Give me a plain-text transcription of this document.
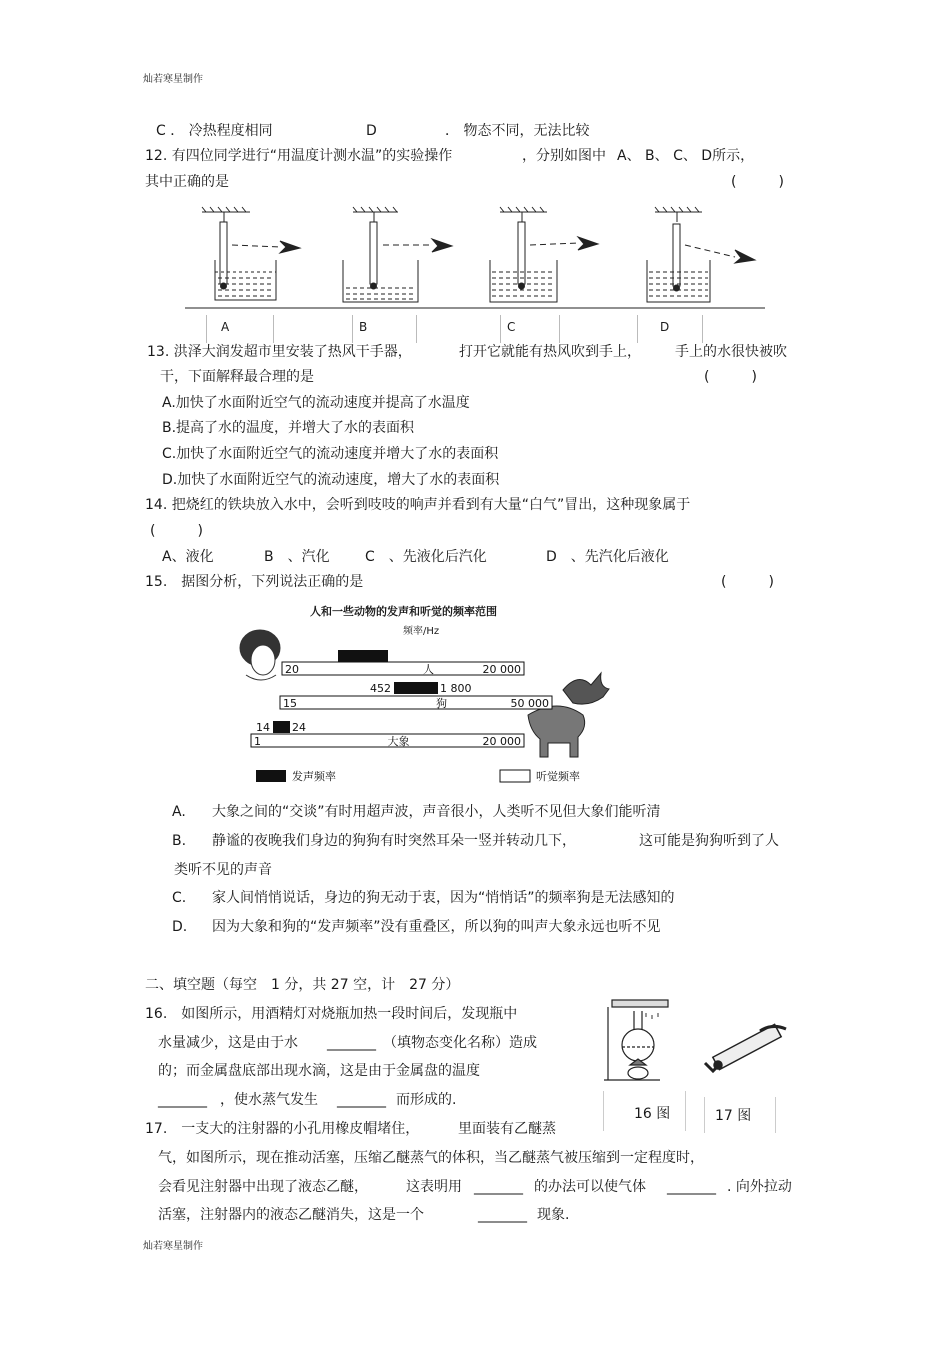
灿若寒星制作
灿若寒星制作
C ． 冷热程度相同	D	． 物态不同，无法比较
12. 有四位同学进行“用温度计测水温”的实验操作	，分别如图中 A、 B、 C、 D所示，
其中正确的是	(　　　)
A	B	C	D
13. 洪泽大润发超市里安装了热风干手器，	打开它就能有热风吹到手上， 手上的水很快被吹
干，下面解释最合理的是	(　　　)
A.加快了水面附近空气的流动速度并提高了水温度
B.提高了水的温度，并增大了水的表面积
C.加快了水面附近空气的流动速度并增大了水的表面积
D.加快了水面附近空气的流动速度，增大了水的表面积
14. 把烧红的铁块放入水中，会听到吱吱的响声并看到有大量“白气”冒出，这种现象属于
(　　　)
A、液化	B　、汽化	C　、先液化后汽化	D　、先汽化后液化
15.　据图分析，下列说法正确的是	(　　　)
人和一些动物的发声和听觉的频率范围
频率/Hz
20	20 000
人
85	1 100
15	50 000
狗
452	1 800
1	20 000
大象
14 24
发声频率	听觉频率
A. 大象之间的“交谈”有时用超声波，声音很小，人类听不见但大象们能听清
B. 静谧的夜晚我们身边的狗狗有时突然耳朵一竖并转动几下，	这可能是狗狗听到了人
类听不见的声音
C. 家人间悄悄说话，身边的狗无动于衷，因为“悄悄话”的频率狗是无法感知的
D. 因为大象和狗的“发声频率”没有重叠区，所以狗的叫声大象永远也听不见
二、填空题（每空　1 分，共 27 空，计　27 分）
16.　如图所示，用酒精灯对烧瓶加热一段时间后，发现瓶中
水量减少，这是由于水 _______ （填物态变化名称）造成
的；而金属盘底部出现水滴，这是由于金属盘的温度
_______ ，使水蒸气发生 _______ 而形成的.
16 图	17 图
17.　一支大的注射器的小孔用橡皮帽堵住，	里面装有乙醚蒸
气，如图所示，现在推动活塞，压缩乙醚蒸气的体积，当乙醚蒸气被压缩到一定程度时，
会看见注射器中出现了液态乙醚，	这表明用 _______ 的办法可以使气体 _______ . 向外拉动
活塞，注射器内的液态乙醚消失，这是一个	_______ 现象.
